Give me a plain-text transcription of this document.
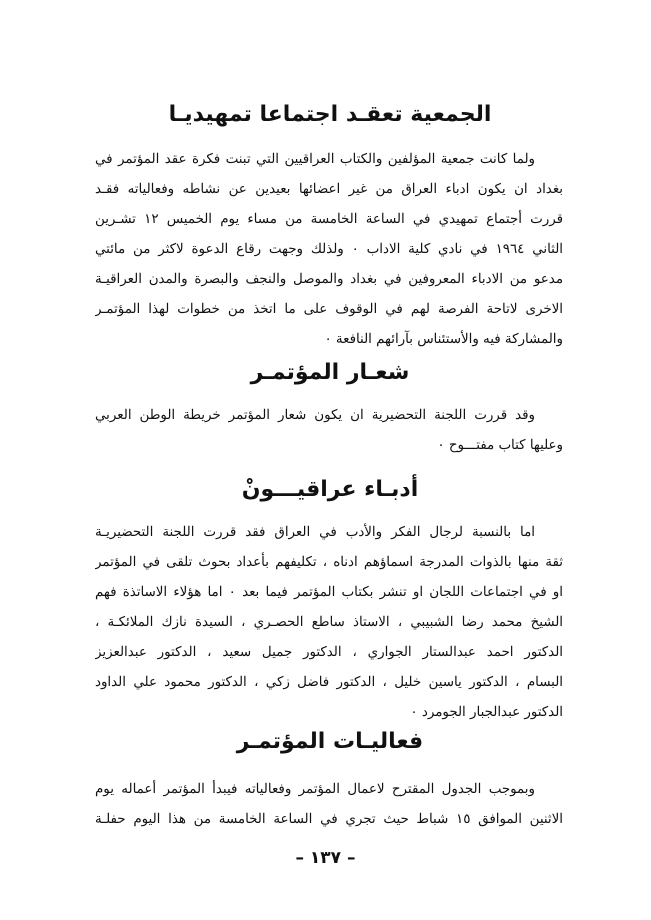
الجمعية تعقـد اجتماعا تمهيديـا
ولما كانت جمعية المؤلفين والكتاب العراقيين التي تبنت فكرة عقد المؤتمر في
بغداد ان يكون ادباء العراق من غير اعضائها بعيدين عن نشاطه وفعالياته فقـد
قررت أجتماع تمهيدي في الساعة الخامسة من مساء يوم الخميس ١٢ تشـرين
الثاني ١٩٦٤ في نادي كلية الاداب ٠ ولذلك وجهت رقاع الدعوة لاكثر من مائتي
مدعو من الادباء المعروفين في بغداد والموصل والنجف والبصرة والمدن العراقيـة
الاخرى لاتاحة الفرصة لهم في الوقوف على ما اتخذ من خطوات لهذا المؤتمـر
والمشاركة فيه والأستئناس بآرائهم النافعة ٠
شعـار المؤتمـر
وقد قررت اللجنة التحضيرية ان يكون شعار المؤتمر خريطة الوطن العربي
وعليها كتاب مفتـــوح ٠
أدبـاء عراقيـــونْ
اما بالنسبة لرجال الفكر والأدب في العراق فقد قررت اللجنة التحضيريـة
ثقة منها بالذوات المدرجة اسماؤهم ادناه ، تكليفهم بأعداد بحوث تلقى في المؤتمر
او في اجتماعات اللجان او تنشر بكتاب المؤتمر فيما بعد ٠ اما هؤلاء الاساتذة فهم
الشيخ محمد رضا الشبيبي ، الاستاذ ساطع الحصـري ، السيدة نازك الملائكـة ،
الدكتور احمد عبدالستار الجواري ، الدكتور جميل سعيد ، الدكتور عبدالعزيز
البسام ، الدكتور ياسين خليل ، الدكتور فاضل زكي ، الدكتور محمود علي الداود
الدكتور عبدالجبار الجومرد ٠
فعاليـات المؤتمـر
وبموجب الجدول المقترح لاعمال المؤتمر وفعالياته فيبدأ المؤتمر أعماله يوم
الاثنين الموافق ١٥ شباط حيث تجري في الساعة الخامسة من هذا اليوم حفلـة
– ١٣٧ –
